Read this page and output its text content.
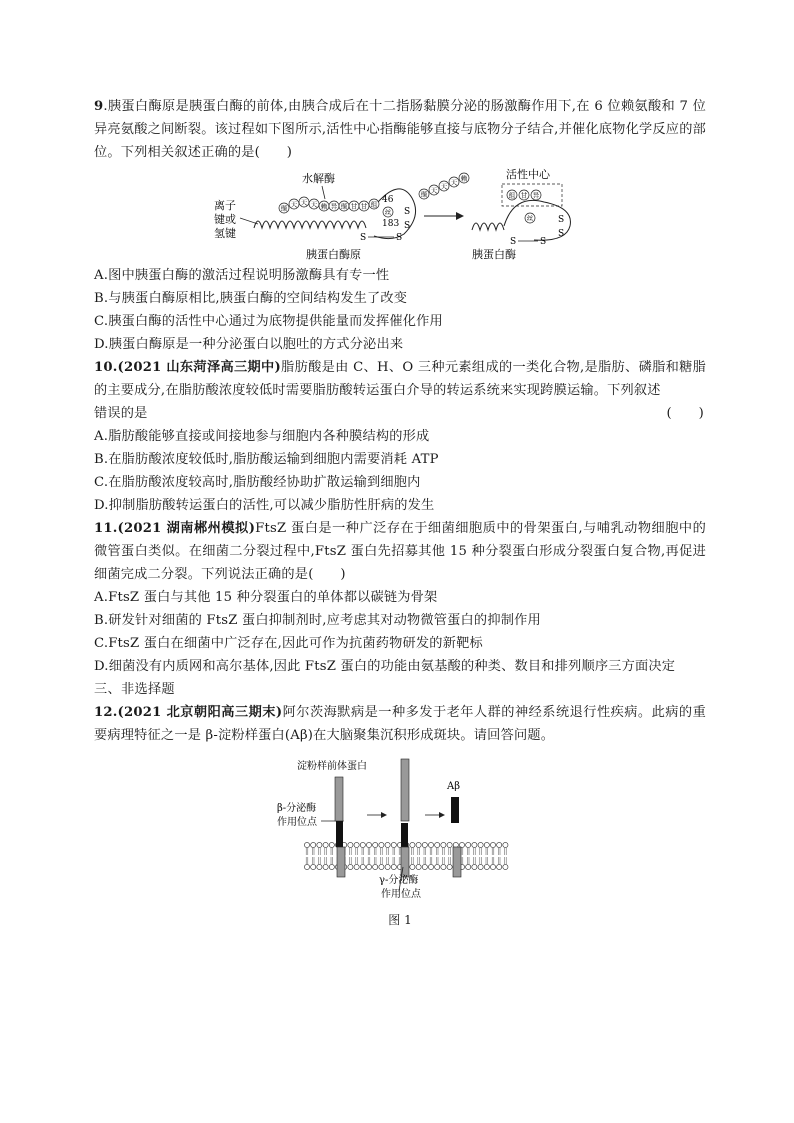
9.胰蛋白酶原是胰蛋白酶的前体,由胰合成后在十二指肠黏膜分泌的肠激酶作用下,在 6 位赖氨酸和 7 位异亮氨酸之间断裂。该过程如下图所示,活性中心指酶能够直接与底物分子结合,并催化底物化学反应的部位。下列相关叙述正确的是(　　)

离子
键或
氢键
缬 天 天 天 赖 异 缬 甘 甘 组
水解酶
46
丝
183
S
S
S
S
胰蛋白酶原
缬 天 天 天 赖	活性中心
组 甘 异
丝	S
S
S	S
胰蛋白酶

A.图中胰蛋白酶的激活过程说明肠激酶具有专一性

B.与胰蛋白酶原相比,胰蛋白酶的空间结构发生了改变

C.胰蛋白酶的活性中心通过为底物提供能量而发挥催化作用

D.胰蛋白酶原是一种分泌蛋白以胞吐的方式分泌出来

10.(2021 山东菏泽高三期中)脂肪酸是由 C、H、O 三种元素组成的一类化合物,是脂肪、磷脂和糖脂的主要成分,在脂肪酸浓度较低时需要脂肪酸转运蛋白介导的转运系统来实现跨膜运输。下列叙述

错误的是	(　　)

A.脂肪酸能够直接或间接地参与细胞内各种膜结构的形成

B.在脂肪酸浓度较低时,脂肪酸运输到细胞内需要消耗 ATP

C.在脂肪酸浓度较高时,脂肪酸经协助扩散运输到细胞内

D.抑制脂肪酸转运蛋白的活性,可以减少脂肪性肝病的发生

11.(2021 湖南郴州模拟)FtsZ 蛋白是一种广泛存在于细菌细胞质中的骨架蛋白,与哺乳动物细胞中的微管蛋白类似。在细菌二分裂过程中,FtsZ 蛋白先招募其他 15 种分裂蛋白形成分裂蛋白复合物,再促进细菌完成二分裂。下列说法正确的是(　　)

A.FtsZ 蛋白与其他 15 种分裂蛋白的单体都以碳链为骨架

B.研发针对细菌的 FtsZ 蛋白抑制剂时,应考虑其对动物微管蛋白的抑制作用

C.FtsZ 蛋白在细菌中广泛存在,因此可作为抗菌药物研发的新靶标

D.细菌没有内质网和高尔基体,因此 FtsZ 蛋白的功能由氨基酸的种类、数目和排列顺序三方面决定

三、非选择题

12.(2021 北京朝阳高三期末)阿尔茨海默病是一种多发于老年人群的神经系统退行性疾病。此病的重要病理特征之一是 β-淀粉样蛋白(Aβ)在大脑聚集沉积形成斑块。请回答问题。

淀粉样前体蛋白
β-分泌酶
作用位点
γ-分泌酶
作用位点
Aβ
图 1
